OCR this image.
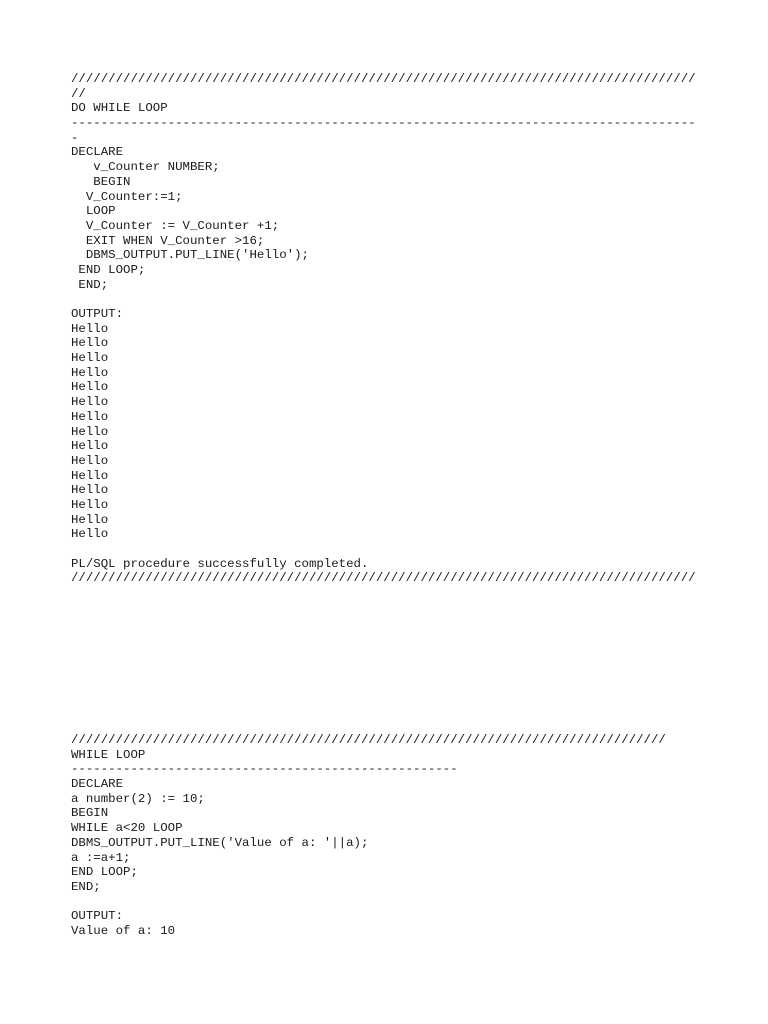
////////////////////////////////////////////////////////////////////////////////////
//
DO WHILE LOOP
------------------------------------------------------------------------------------
-
DECLARE
v_Counter NUMBER;
BEGIN
V_Counter:=1;
LOOP
V_Counter := V_Counter +1;
EXIT WHEN V_Counter >16;
DBMS_OUTPUT.PUT_LINE('Hello');
END LOOP;
END;
OUTPUT:
Hello
Hello
Hello
Hello
Hello
Hello
Hello
Hello
Hello
Hello
Hello
Hello
Hello
Hello
Hello
PL/SQL procedure successfully completed.
////////////////////////////////////////////////////////////////////////////////////
////////////////////////////////////////////////////////////////////////////////
WHILE LOOP
----------------------------------------------------
DECLARE
a number(2) := 10;
BEGIN
WHILE a<20 LOOP
DBMS_OUTPUT.PUT_LINE('Value of a: '||a);
a :=a+1;
END LOOP;
END;
OUTPUT:
Value of a: 10
